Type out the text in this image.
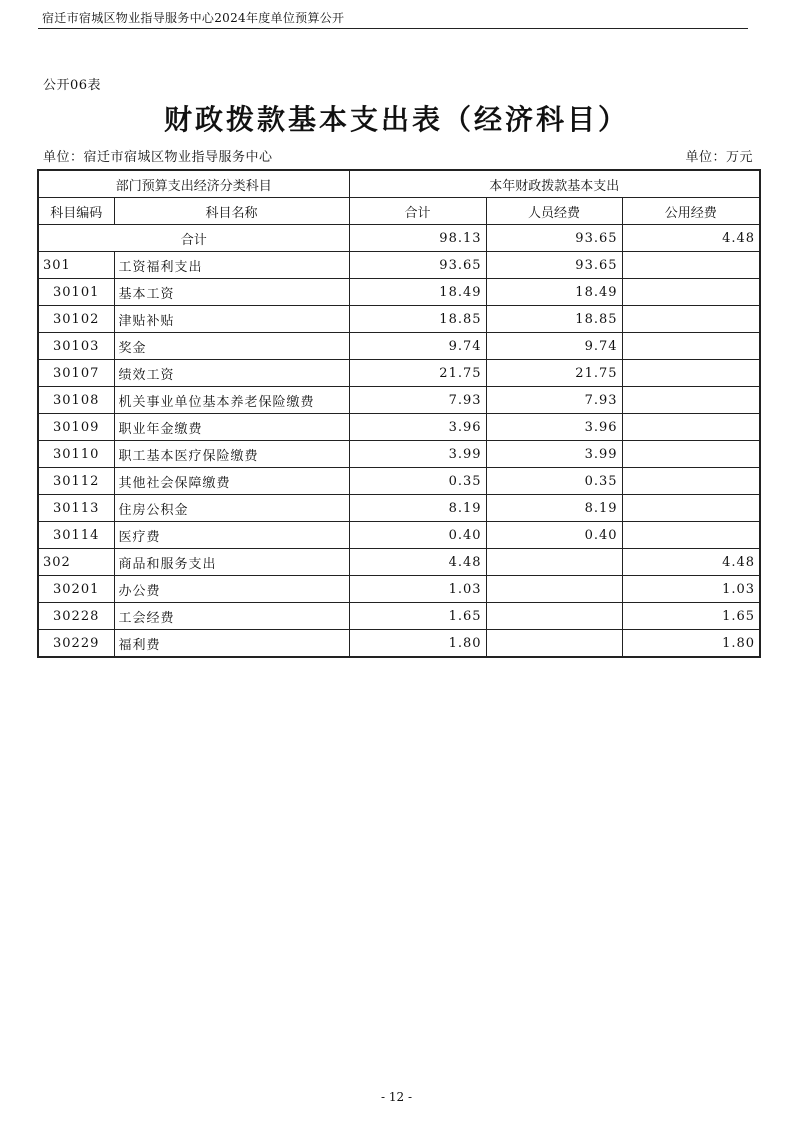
宿迁市宿城区物业指导服务中心2024年度单位预算公开
公开06表
财政拨款基本支出表（经济科目）
单位：宿迁市宿城区物业指导服务中心	单位：万元
部门预算支出经济分类科目		本年财政拨款基本支出		
科目编码	科目名称	合计	人员经费	公用经费
合计		98.13	93.65	4.48
301	工资福利支出	93.65	93.65	
30101	基本工资	18.49	18.49	
30102	津贴补贴	18.85	18.85	
30103	奖金	9.74	9.74	
30107	绩效工资	21.75	21.75	
30108	机关事业单位基本养老保险缴费	7.93	7.93	
30109	职业年金缴费	3.96	3.96	
30110	职工基本医疗保险缴费	3.99	3.99	
30112	其他社会保障缴费	0.35	0.35	
30113	住房公积金	8.19	8.19	
30114	医疗费	0.40	0.40	
302	商品和服务支出	4.48		4.48
30201	办公费	1.03		1.03
30228	工会经费	1.65		1.65
30229	福利费	1.80		1.80
- 12 -
